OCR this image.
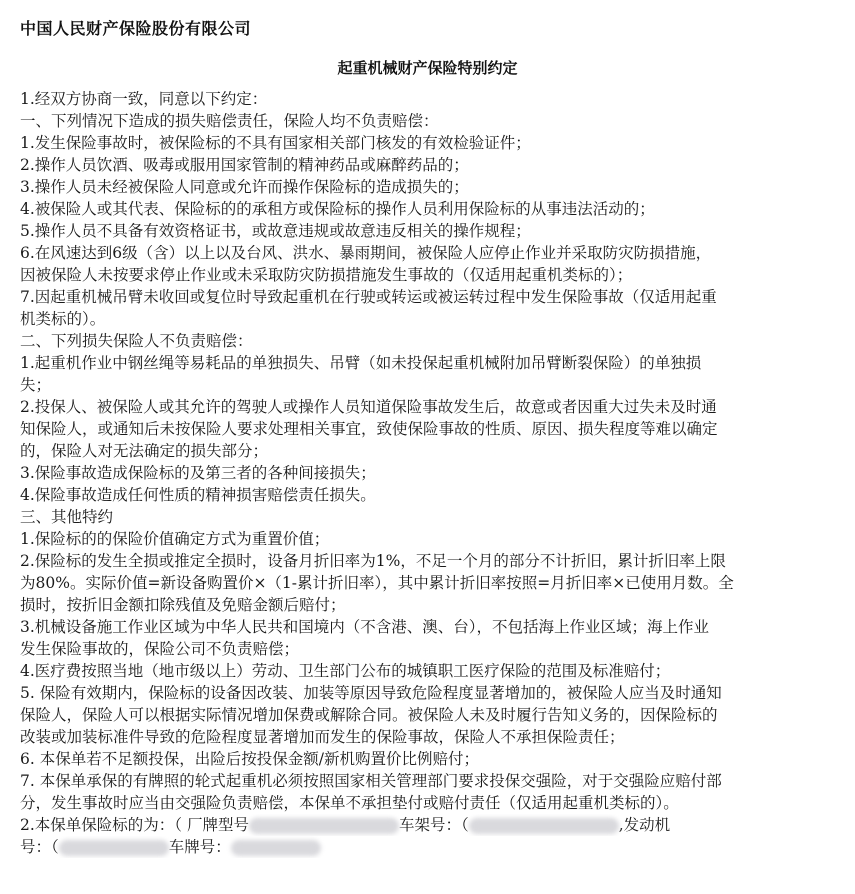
中国人民财产保险股份有限公司
起重机械财产保险特别约定
1.经双方协商一致，同意以下约定：
一、下列情况下造成的损失赔偿责任，保险人均不负责赔偿：
1.发生保险事故时，被保险标的不具有国家相关部门核发的有效检验证件；
2.操作人员饮酒、吸毒或服用国家管制的精神药品或麻醉药品的；
3.操作人员未经被保险人同意或允许而操作保险标的造成损失的；
4.被保险人或其代表、保险标的的承租方或保险标的操作人员利用保险标的从事违法活动的；
5.操作人员不具备有效资格证书，或故意违规或故意违反相关的操作规程；
6.在风速达到6级（含）以上以及台风、洪水、暴雨期间，被保险人应停止作业并采取防灾防损措施，
因被保险人未按要求停止作业或未采取防灾防损措施发生事故的（仅适用起重机类标的）；
7.因起重机械吊臂未收回或复位时导致起重机在行驶或转运或被运转过程中发生保险事故（仅适用起重
机类标的）。
二、下列损失保险人不负责赔偿：
1.起重机作业中钢丝绳等易耗品的单独损失、吊臂（如未投保起重机械附加吊臂断裂保险）的单独损
失；
2.投保人、被保险人或其允许的驾驶人或操作人员知道保险事故发生后，故意或者因重大过失未及时通
知保险人，或通知后未按保险人要求处理相关事宜，致使保险事故的性质、原因、损失程度等难以确定
的，保险人对无法确定的损失部分；
3.保险事故造成保险标的及第三者的各种间接损失；
4.保险事故造成任何性质的精神损害赔偿责任损失。
三、其他特约
1.保险标的的保险价值确定方式为重置价值；
2.保险标的发生全损或推定全损时，设备月折旧率为1%，不足一个月的部分不计折旧，累计折旧率上限
为80%。实际价值=新设备购置价×（1-累计折旧率），其中累计折旧率按照=月折旧率×已使用月数。全
损时，按折旧金额扣除残值及免赔金额后赔付；
3.机械设备施工作业区域为中华人民共和国境内（不含港、澳、台），不包括海上作业区域；海上作业
发生保险事故的，保险公司不负责赔偿；
4.医疗费按照当地（地市级以上）劳动、卫生部门公布的城镇职工医疗保险的范围及标准赔付；
5. 保险有效期内，保险标的设备因改装、加装等原因导致危险程度显著增加的，被保险人应当及时通知
保险人，保险人可以根据实际情况增加保费或解除合同。被保险人未及时履行告知义务的，因保险标的
改装或加装标准件导致的危险程度显著增加而发生的保险事故，保险人不承担保险责任；
6. 本保单若不足额投保，出险后按投保金额/新机购置价比例赔付；
7. 本保单承保的有牌照的轮式起重机必须按照国家相关管理部门要求投保交强险，对于交强险应赔付部
分，发生事故时应当由交强险负责赔偿，本保单不承担垫付或赔付责任（仅适用起重机类标的）。
2.本保单保险标的为：（ 厂牌型号	车架号：（	,发动机
号：（	车牌号：
